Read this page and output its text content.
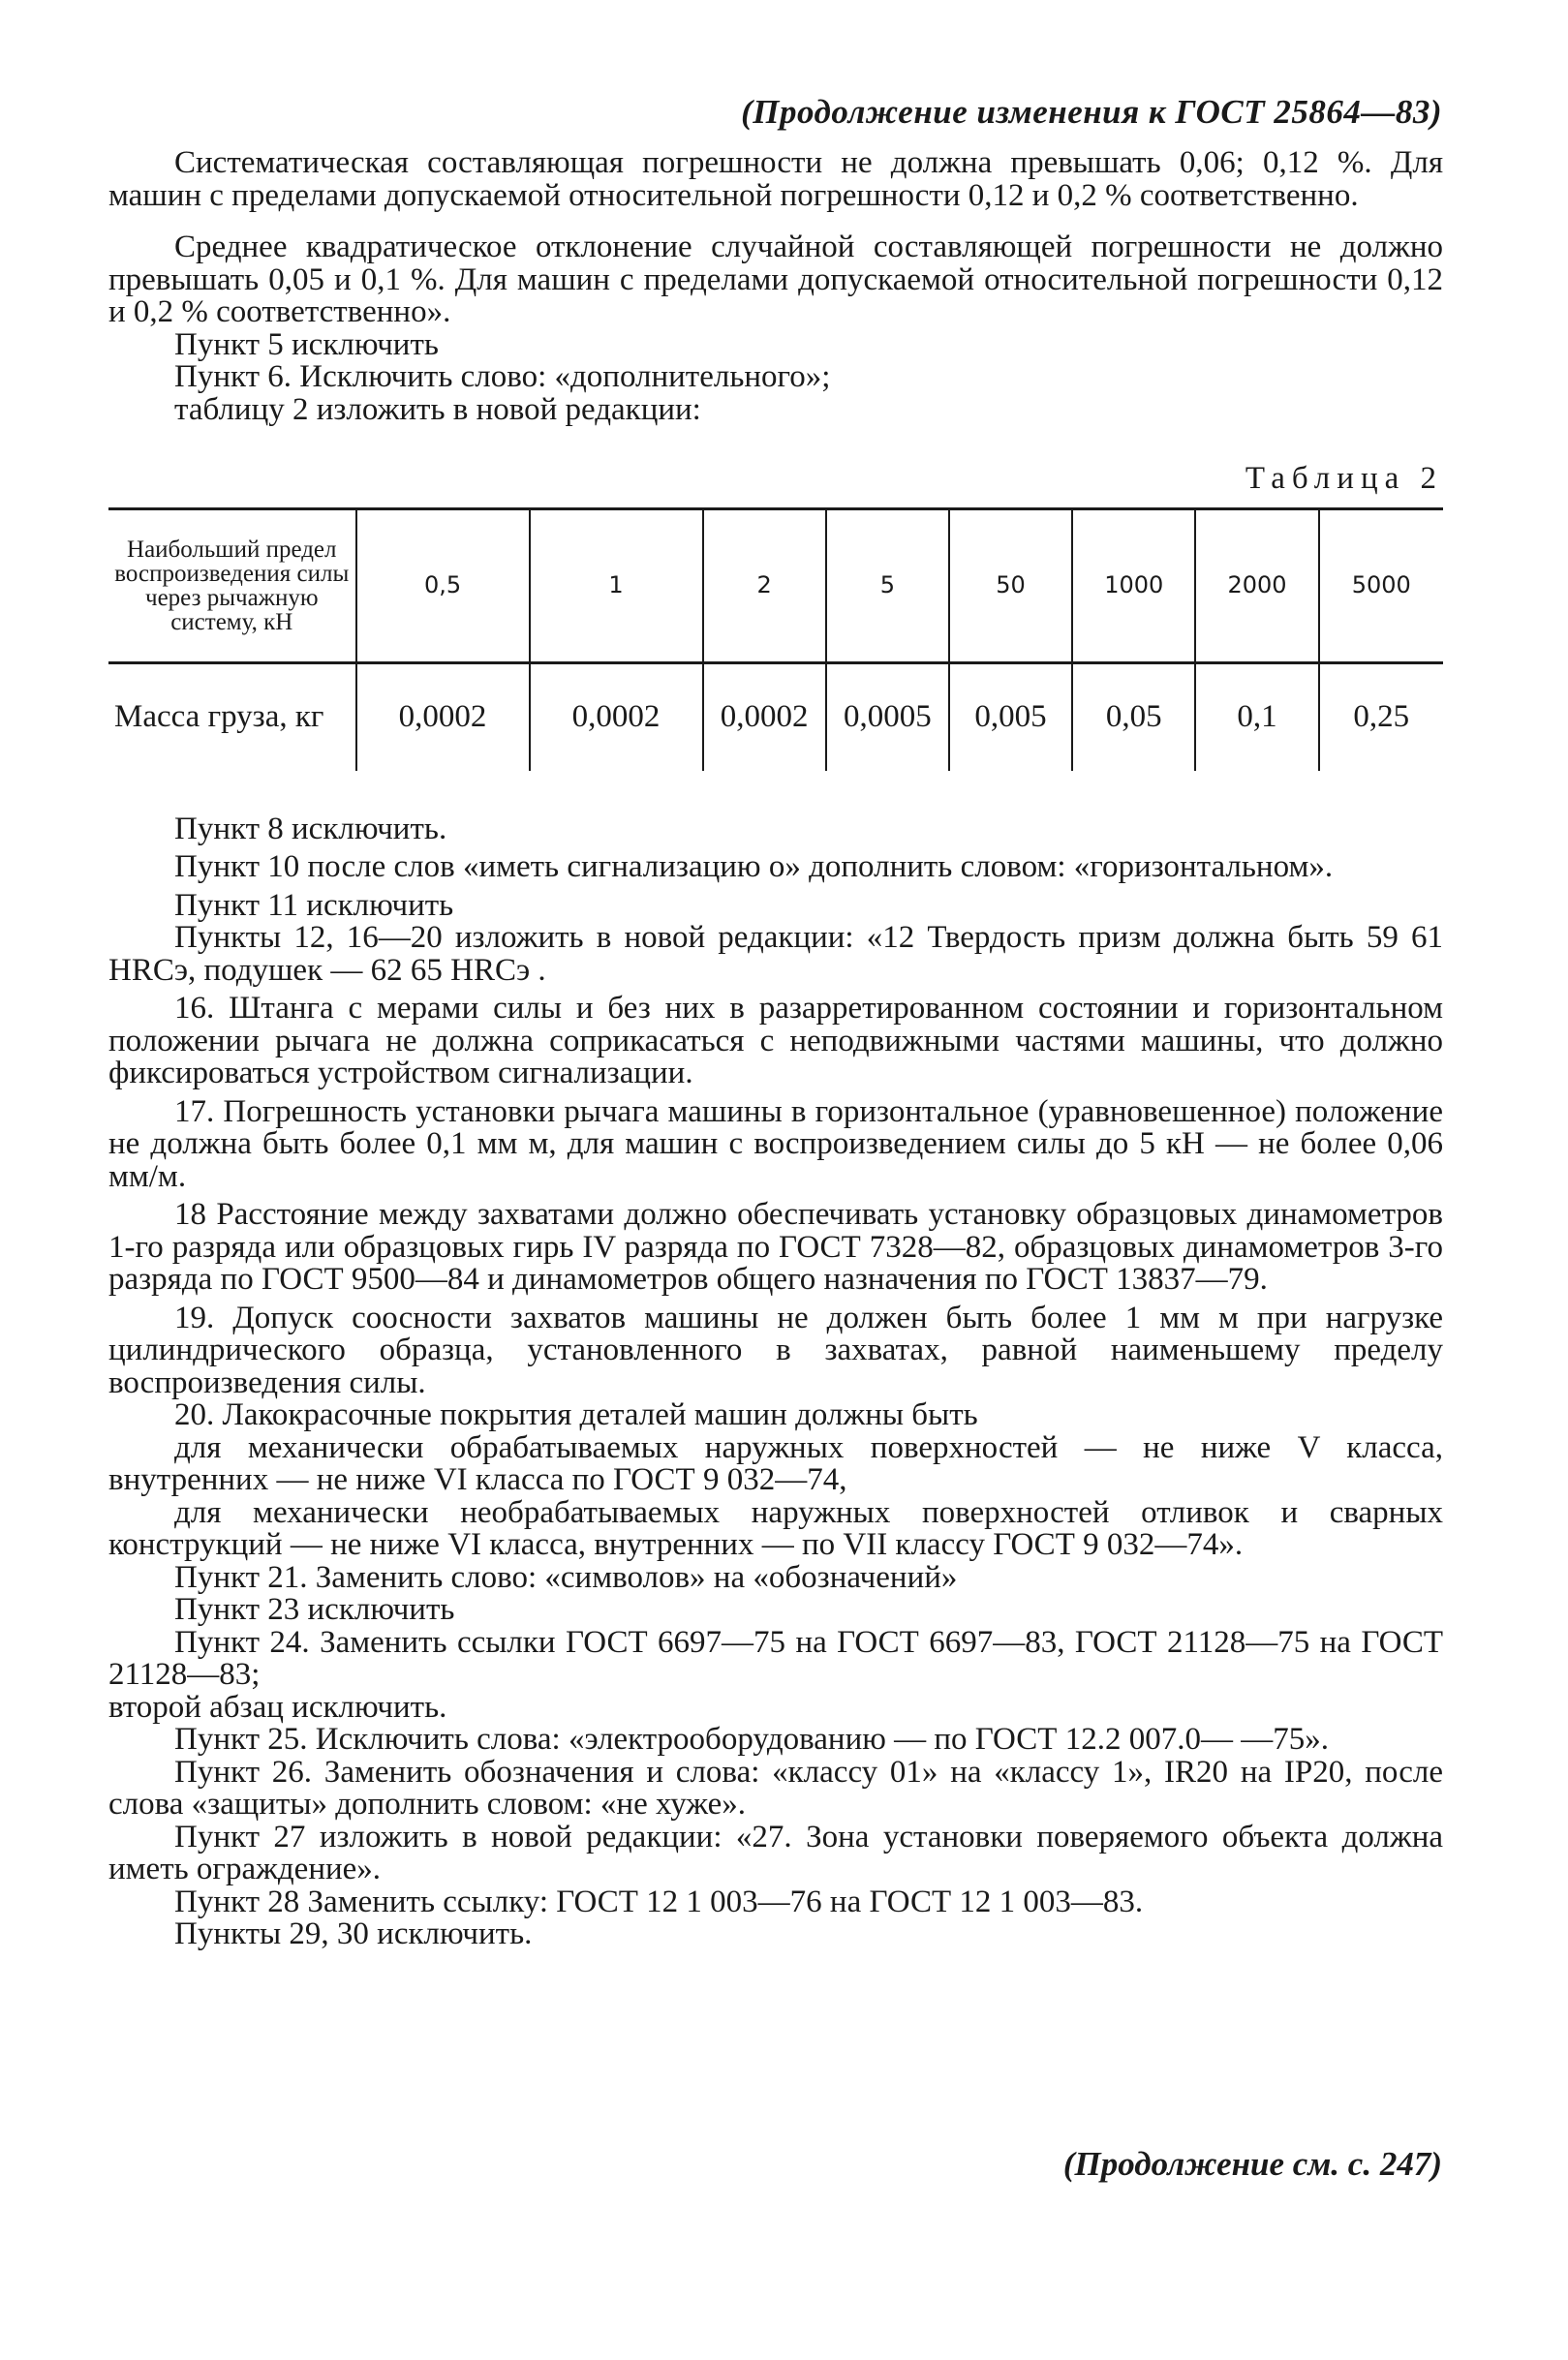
(Продолжение изменения к ГОСТ 25864—83)

Систематическая составляющая погрешности не должна превышать 0,06; 0,12 %. Для машин с пределами допускаемой относительной погрешности 0,12 и 0,2 % соответственно.

Среднее квадратическое отклонение случайной составляющей погрешности не должно превышать 0,05 и 0,1 %. Для машин с пределами допускаемой относительной погрешности 0,12 и 0,2 % соответственно».

Пункт 5 исключить

Пункт 6. Исключить слово: «дополнительного»;

таблицу 2 изложить в новой редакции:

Таблица 2

Наибольший предел воспроизведения силы через рычажную систему, кН	0,5	1	2	5	50	1000	2000	5000
Масса груза, кг	0,0002	0,0002	0,0002	0,0005	0,005	0,05	0,1	0,25

Пункт 8 исключить.

Пункт 10 после слов «иметь сигнализацию о» дополнить словом: «горизонтальном».

Пункт 11 исключить

Пункты 12, 16—20 изложить в новой редакции: «12 Твердость призм должна быть 59 61 HRCэ, подушек — 62 65 HRCэ .

16. Штанга с мерами силы и без них в разарретированном состоянии и горизонтальном положении рычага не должна соприкасаться с неподвижными частями машины, что должно фиксироваться устройством сигнализации.

17. Погрешность установки рычага машины в горизонтальное (уравновешенное) положение не должна быть более 0,1 мм м, для машин с воспроизведением силы до 5 кН — не более 0,06 мм/м.

18 Расстояние между захватами должно обеспечивать установку образцовых динамометров 1-го разряда или образцовых гирь IV разряда по ГОСТ 7328—82, образцовых динамометров 3-го разряда по ГОСТ 9500—84 и динамометров общего назначения по ГОСТ 13837—79.

19. Допуск соосности захватов машины не должен быть более 1 мм м при нагрузке цилиндрического образца, установленного в захватах, равной наименьшему пределу воспроизведения силы.

20. Лакокрасочные покрытия деталей машин должны быть

для механически обрабатываемых наружных поверхностей — не ниже V класса, внутренних — не ниже VI класса по ГОСТ 9 032—74,

для механически необрабатываемых наружных поверхностей отливок и сварных конструкций — не ниже VI класса, внутренних — по VII классу ГОСТ 9 032—74».

Пункт 21. Заменить слово: «символов» на «обозначений»

Пункт 23 исключить

Пункт 24. Заменить ссылки ГОСТ 6697—75 на ГОСТ 6697—83, ГОСТ 21128—75 на ГОСТ 21128—83;

второй абзац исключить.

Пункт 25. Исключить слова: «электрооборудованию — по ГОСТ 12.2 007.0— —75».

Пункт 26. Заменить обозначения и слова: «классу 01» на «классу 1», IR20 на IP20, после слова «защиты» дополнить словом: «не хуже».

Пункт 27 изложить в новой редакции: «27. Зона установки поверяемого объекта должна иметь ограждение».

Пункт 28 Заменить ссылку: ГОСТ 12 1 003—76 на ГОСТ 12 1 003—83.

Пункты 29, 30 исключить.

(Продолжение см. с. 247)
